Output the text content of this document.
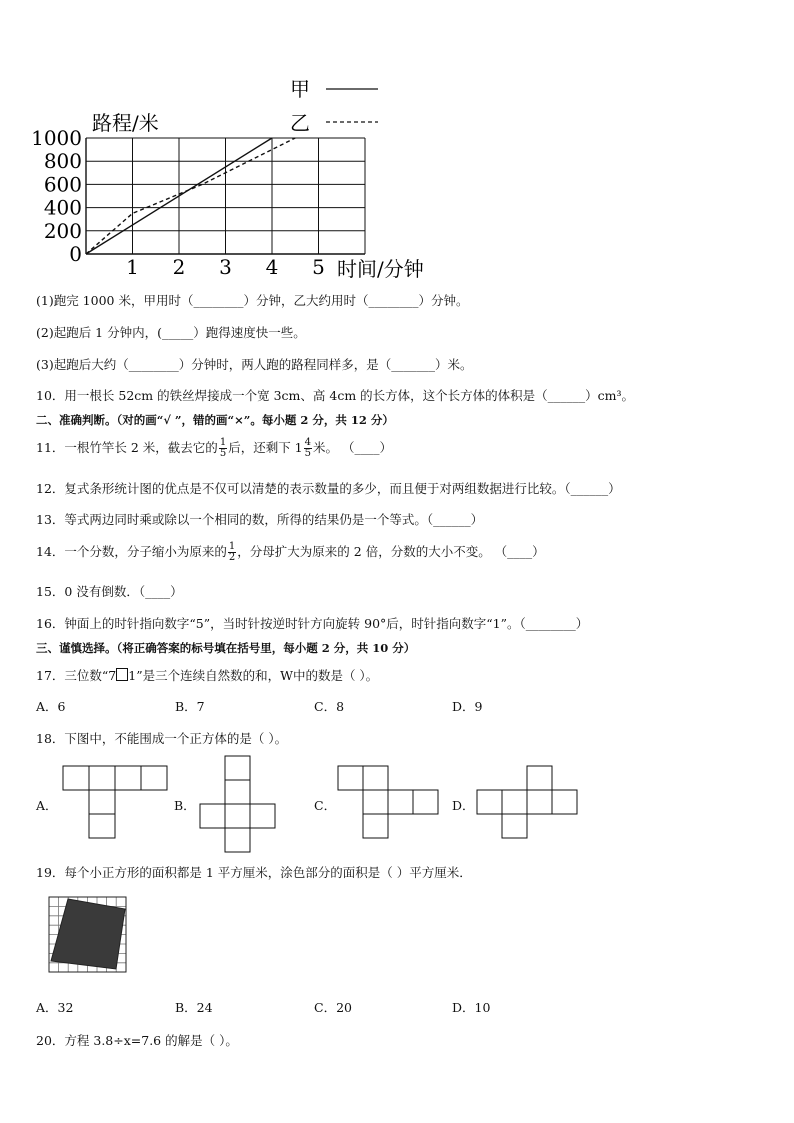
0
200
400
600
800
1000
1 2 3 4 5
路程/米
时间/分钟
甲
乙
(1)跑完 1000 米，甲用时（________）分钟，乙大约用时（________）分钟。
(2)起跑后 1 分钟内，(_____）跑得速度快一些。
(3)起跑后大约（________）分钟时，两人跑的路程同样多，是（_______）米。
10．用一根长 52cm 的铁丝焊接成一个宽 3cm、高 4cm 的长方体，这个长方体的体积是（______）cm³。
二、准确判断。（对的画“√ ”，错的画“×”。每小题 2 分，共 12 分）
11．一根竹竿长 2 米，截去它的 $\frac{1}{5}$ 后，还剩下 $1 \frac{4}{5}$ 米。 （____）
12．复式条形统计图的优点是不仅可以清楚的表示数量的多少，而且便于对两组数据进行比较。（______）
13．等式两边同时乘或除以一个相同的数，所得的结果仍是一个等式。（______）
14．一个分数，分子缩小为原来的 $\frac{1}{2}$ ，分母扩大为原来的 2 倍，分数的大小不变。 （____）
15．0 没有倒数．（____）
16．钟面上的时针指向数字“5”，当时针按逆时针方向旋转 90°后，时针指向数字“1”。（________）
三、谨慎选择。（将正确答案的标号填在括号里，每小题 2 分，共 10 分）
17．三位数“7 1”是三个连续自然数的和，W中的数是（ ）。
A．6	B．7	C．8	D．9
18．下图中，不能围成一个正方体的是（ ）。
A．	B．	C．	D．
19．每个小正方形的面积都是 1 平方厘米，涂色部分的面积是（ ）平方厘米．
A．32	B．24	C．20	D．10
20．方程 3.8÷x=7.6 的解是（ ）。
